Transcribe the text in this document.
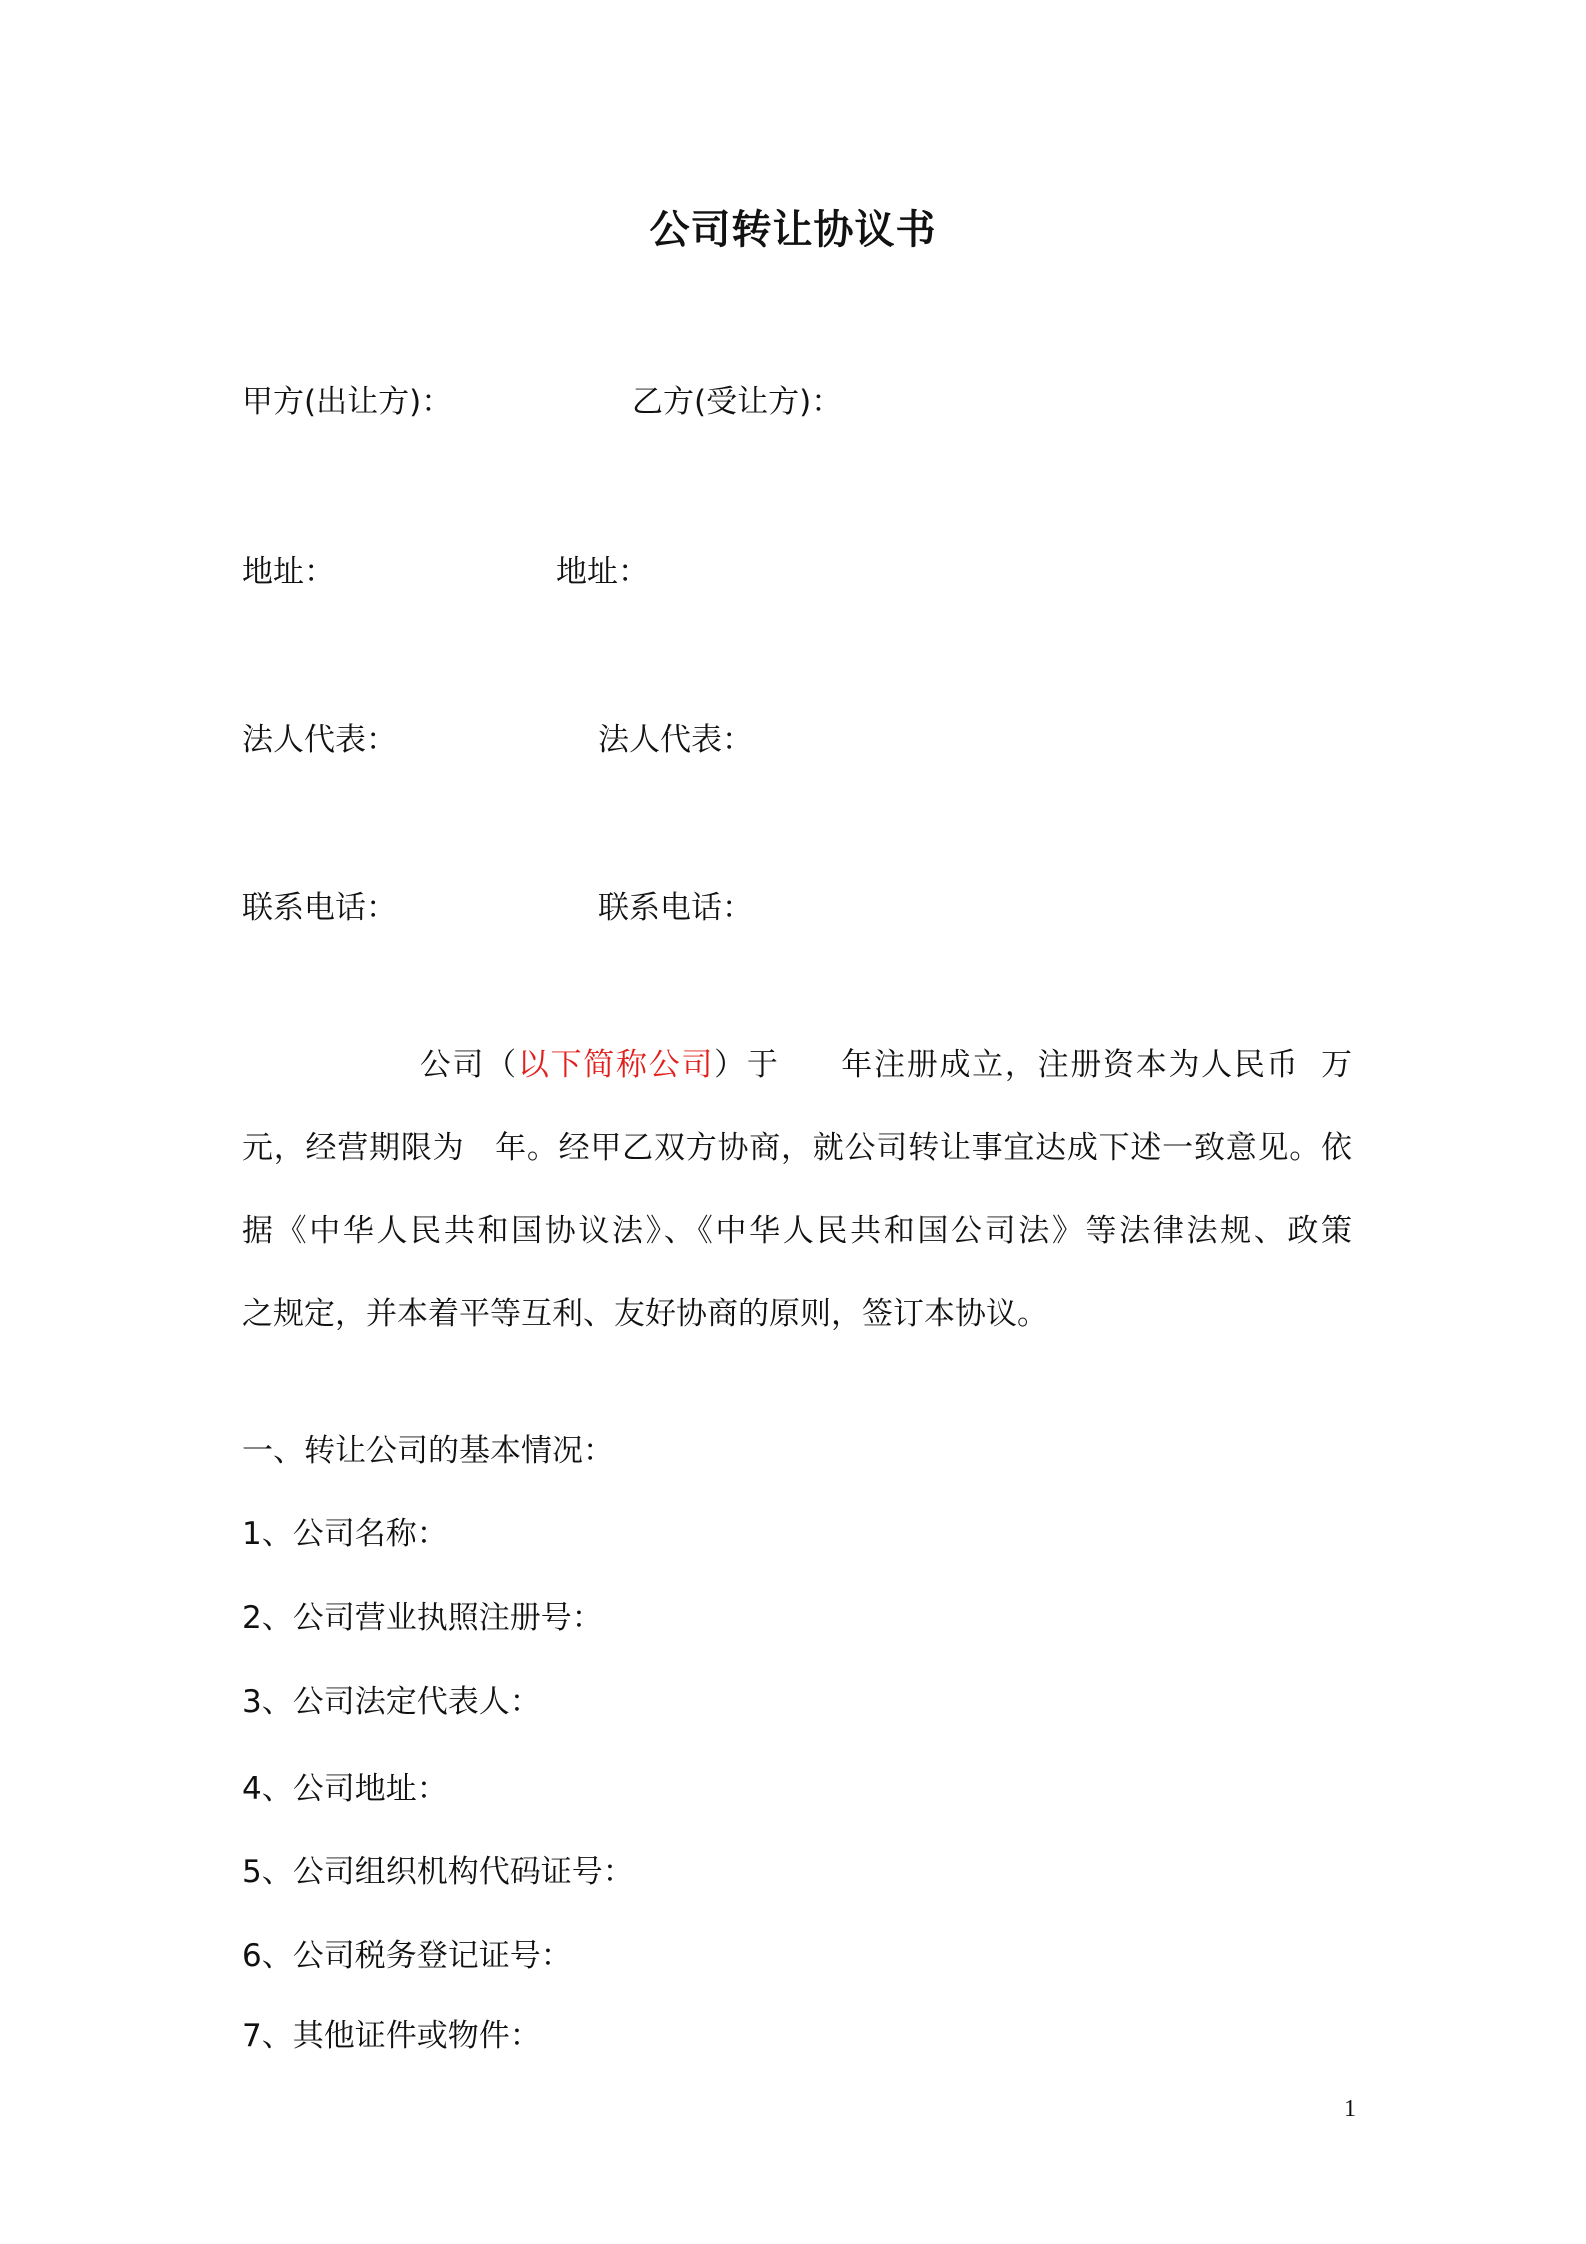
公司转让协议书
甲方(出让方)：	乙方(受让方)：
地址：	地址：
法人代表：	法人代表：
联系电话：	联系电话：
公司（以下简称公司）于 年注册成立，注册资本为人民币 万
元，经营期限为 年。经甲乙双方协商，就公司转让事宜达成下述一致意见。依
据《中华人民共和国协议法》、《中华人民共和国公司法》等法律法规、政策
之规定，并本着平等互利、友好协商的原则，签订本协议。
一、转让公司的基本情况：
1、公司名称：
2、公司营业执照注册号：
3、公司法定代表人：
4、公司地址：
5、公司组织机构代码证号：
6、公司税务登记证号：
7、其他证件或物件：
1
